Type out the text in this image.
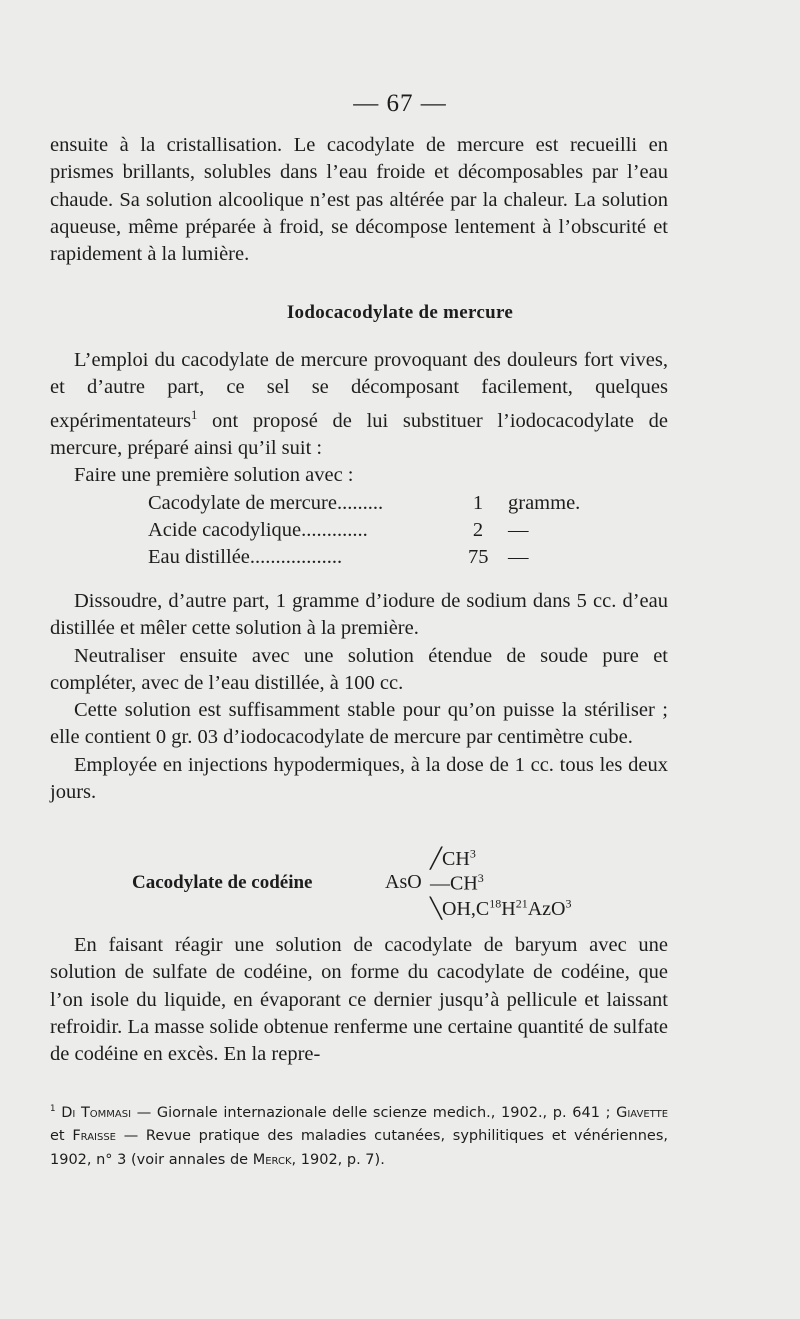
— 67 —

ensuite à la cristallisation. Le cacodylate de mercure est recueilli en prismes brillants, solubles dans l’eau froide et décomposables par l’eau chaude. Sa solution alcoolique n’est pas altérée par la chaleur. La solution aqueuse, même préparée à froid, se décompose lentement à l’obscurité et rapidement à la lumière.

Iodocacodylate de mercure

L’emploi du cacodylate de mercure provoquant des douleurs fort vives, et d’autre part, ce sel se décomposant facilement, quelques expérimentateurs$^1$ ont proposé de lui substituer l’iodocacodylate de mercure, préparé ainsi qu’il suit :

Faire une première solution avec :

Cacodylate de mercure.........	1 gramme.
Acide cacodylique.............	2 —
Eau distillée..................	75 —

Dissoudre, d’autre part, 1 gramme d’iodure de sodium dans 5 cc. d’eau distillée et mêler cette solution à la première.

Neutraliser ensuite avec une solution étendue de soude pure et compléter, avec de l’eau distillée, à 100 cc.

Cette solution est suffisamment stable pour qu’on puisse la stériliser ; elle contient 0 gr. 03 d’iodocacodylate de mercure par centimètre cube.

Employée en injections hypodermiques, à la dose de 1 cc. tous les deux jours.

Cacodylate de codéine	AsO
$╱CH^3$
$—CH^3$
$╲OH,C^{18}H^{21}AzO^3$

En faisant réagir une solution de cacodylate de baryum avec une solution de sulfate de codéine, on forme du cacodylate de codéine, que l’on isole du liquide, en évaporant ce dernier jusqu’à pellicule et laissant refroidir. La masse solide obtenue renferme une certaine quantité de sulfate de codéine en excès. En la repre-

$^1$ Di Tommasi — Giornale internazionale delle scienze medich., 1902., p. 641 ; Giavette et Fraisse — Revue pratique des maladies cutanées, syphilitiques et vénériennes, 1902, n° 3 (voir annales de Merck, 1902, p. 7).
